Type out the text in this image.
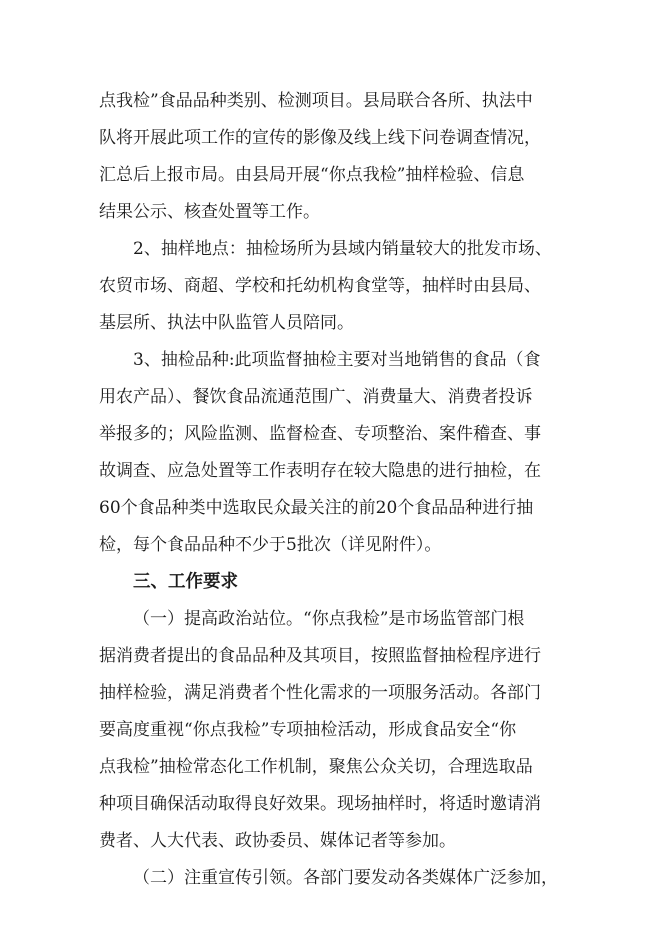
点我检”食品品种类别、检测项目。县局联合各所、执法中
队将开展此项工作的宣传的影像及线上线下问卷调查情况，
汇总后上报市局。由县局开展“你点我检”抽样检验、信息
结果公示、核查处置等工作。
2、抽样地点：抽检场所为县域内销量较大的批发市场、
农贸市场、商超、学校和托幼机构食堂等，抽样时由县局、
基层所、执法中队监管人员陪同。
3、抽检品种:此项监督抽检主要对当地销售的食品（食
用农产品）、餐饮食品流通范围广、消费量大、消费者投诉
举报多的；风险监测、监督检查、专项整治、案件稽查、事
故调查、应急处置等工作表明存在较大隐患的进行抽检，在
60个食品种类中选取民众最关注的前20个食品品种进行抽
检，每个食品品种不少于5批次（详见附件）。
三、工作要求
（一）提高政治站位。“你点我检”是市场监管部门根
据消费者提出的食品品种及其项目，按照监督抽检程序进行
抽样检验，满足消费者个性化需求的一项服务活动。各部门
要高度重视“你点我检”专项抽检活动，形成食品安全“你
点我检”抽检常态化工作机制，聚焦公众关切，合理选取品
种项目确保活动取得良好效果。现场抽样时，将适时邀请消
费者、人大代表、政协委员、媒体记者等参加。
（二）注重宣传引领。各部门要发动各类媒体广泛参加，
